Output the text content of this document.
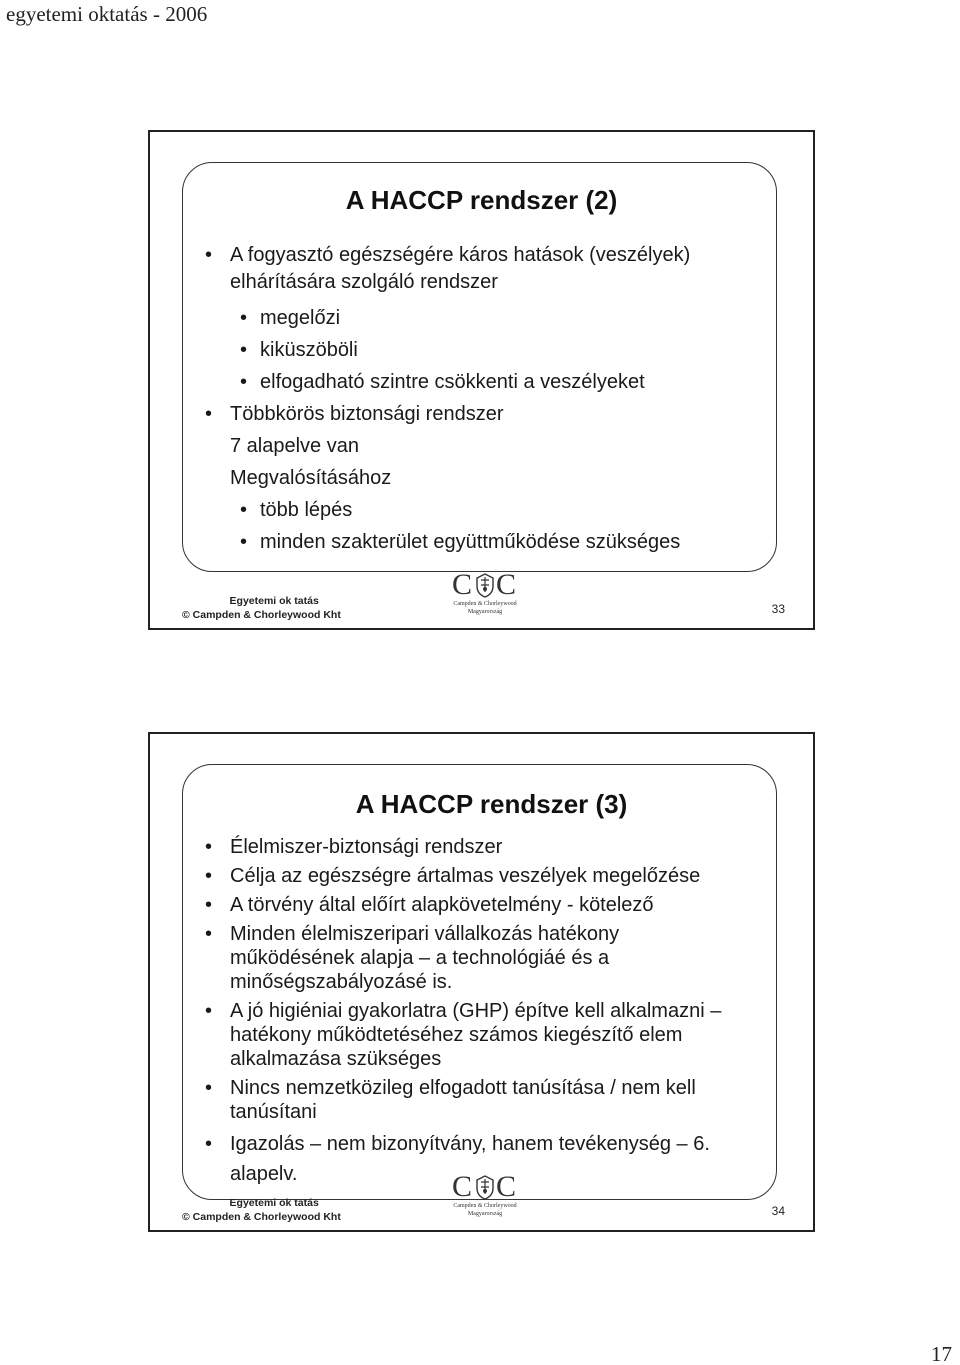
egyetemi oktatás - 2006
A HACCP rendszer (2)
• A fogyasztó egészségére káros hatások (veszélyek) elhárítására szolgáló rendszer
• megelőzi
• kiküszöböli
• elfogadható szintre csökkenti a veszélyeket
• Többkörös biztonsági rendszer
7 alapelve van
Megvalósításához
• több lépés
• minden szakterület együttműködése szükséges
C C
Campden & Chorleywood
Magyarország
Egyetemi ok tatás
© Campden & Chorleywood Kht	33
A HACCP rendszer (3)
• Élelmiszer-biztonsági rendszer
• Célja az egészségre ártalmas veszélyek megelőzése
• A törvény által előírt alapkövetelmény - kötelező
• Minden élelmiszeripari vállalkozás hatékony működésének alapja – a technológiáé és a minőségszabályozásé is.
• A jó higiéniai gyakorlatra (GHP) építve kell alkalmazni – hatékony működtetéséhez számos kiegészítő elem alkalmazása szükséges
• Nincs nemzetközileg elfogadott tanúsítása / nem kell tanúsítani
• Igazolás – nem bizonyítvány, hanem tevékenység – 6. alapelv.	C C
Campden & Chorleywood
Magyarország
Egyetemi ok tatás
© Campden & Chorleywood Kht	34
17
